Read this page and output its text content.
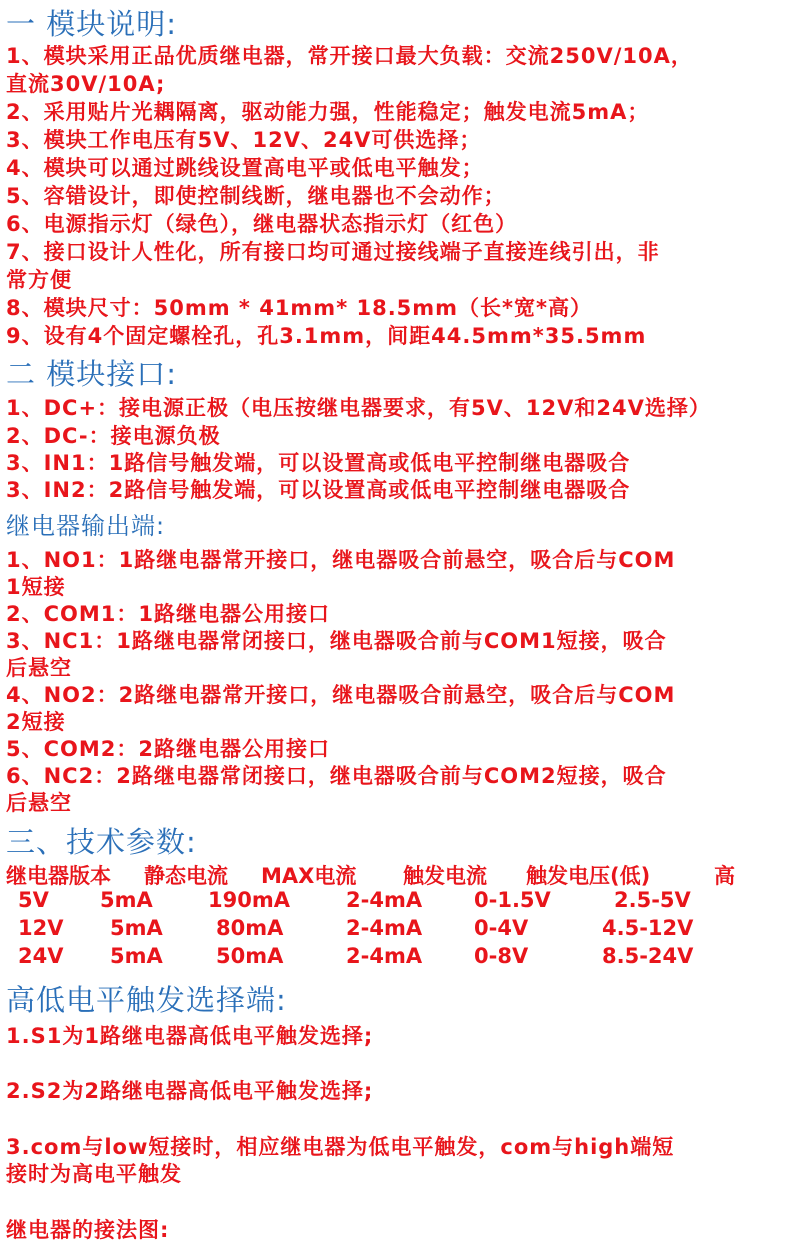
一 模块说明:
1、模块采用正品优质继电器，常开接口最大负载：交流250V/10A，
直流30V/10A;
2、采用贴片光耦隔离，驱动能力强，性能稳定；触发电流5mA；
3、模块工作电压有5V、12V、24V可供选择；
4、模块可以通过跳线设置高电平或低电平触发；
5、容错设计，即使控制线断，继电器也不会动作；
6、电源指示灯（绿色），继电器状态指示灯（红色）
7、接口设计人性化，所有接口均可通过接线端子直接连线引出，非
常方便
8、模块尺寸：50mm * 41mm* 18.5mm（长*宽*高）
9、设有4个固定螺栓孔，孔3.1mm，间距44.5mm*35.5mm
二 模块接口:
1、DC+：接电源正极（电压按继电器要求，有5V、12V和24V选择）
2、DC-：接电源负极
3、IN1：1路信号触发端，可以设置高或低电平控制继电器吸合
3、IN2：2路信号触发端，可以设置高或低电平控制继电器吸合
继电器输出端:
1、NO1：1路继电器常开接口，继电器吸合前悬空，吸合后与COM
1短接
2、COM1：1路继电器公用接口
3、NC1：1路继电器常闭接口，继电器吸合前与COM1短接，吸合
后悬空
4、NO2：2路继电器常开接口，继电器吸合前悬空，吸合后与COM
2短接
5、COM2：2路继电器公用接口
6、NC2：2路继电器常闭接口，继电器吸合前与COM2短接，吸合
后悬空
三、技术参数:
继电器版本 静态电流 MAX电流 触发电流 触发电压(低)	高
5V 5mA	190mA	2-4mA 0-1.5V	2.5-5V
12V 5mA	80mA	2-4mA 0-4V	4.5-12V
24V 5mA	50mA	2-4mA 0-8V	8.5-24V
高低电平触发选择端:
1.S1为1路继电器高低电平触发选择;
2.S2为2路继电器高低电平触发选择;
3.com与low短接时，相应继电器为低电平触发，com与high端短
接时为高电平触发
继电器的接法图:
